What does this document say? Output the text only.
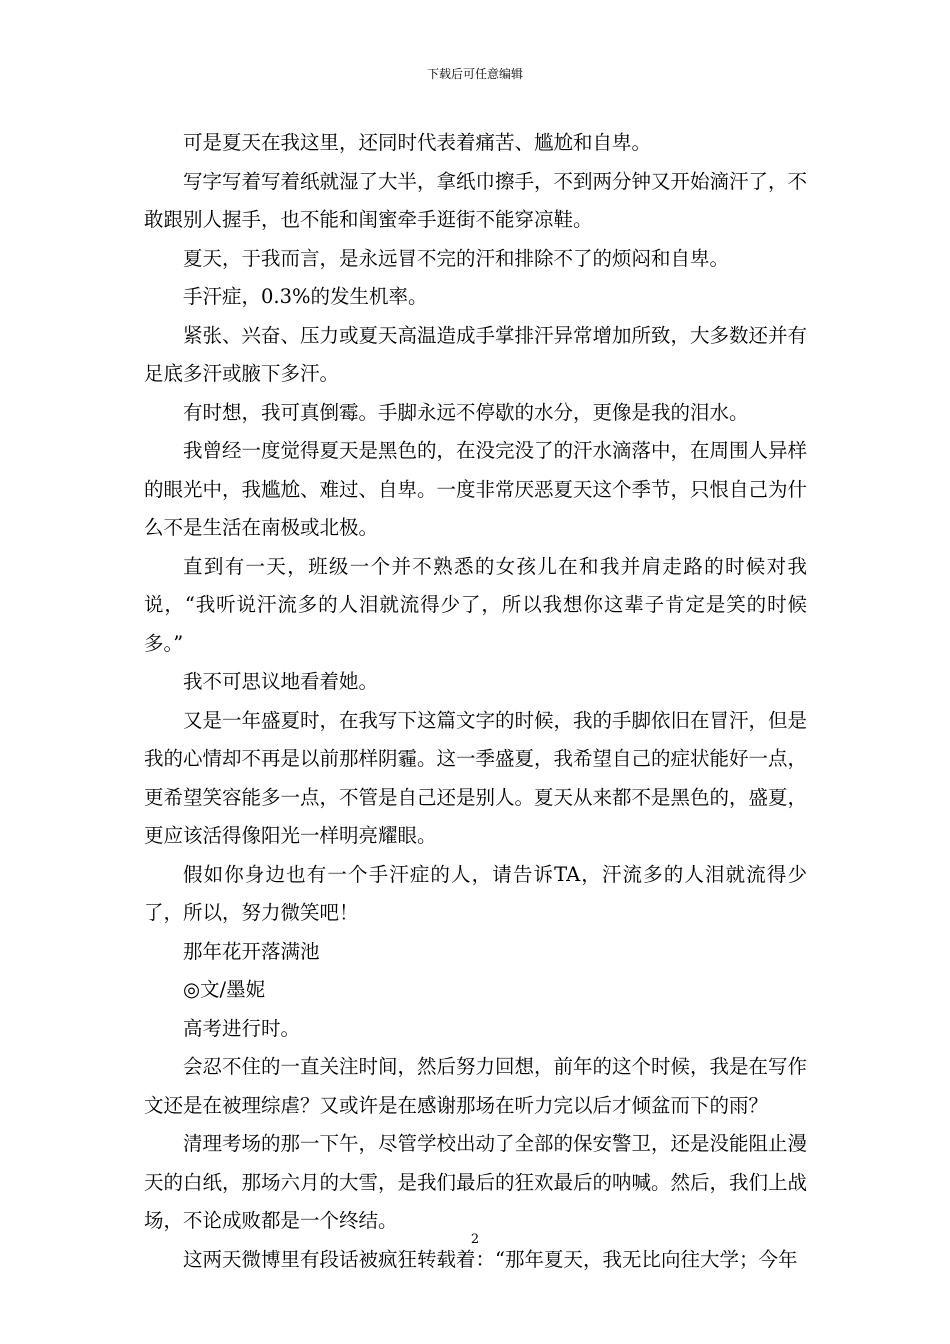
下载后可任意编辑

可是夏天在我这里，还同时代表着痛苦、尴尬和自卑。

写字写着写着纸就湿了大半，拿纸巾擦手，不到两分钟又开始滴汗了，不敢跟别人握手，也不能和闺蜜牵手逛街不能穿凉鞋。

夏天，于我而言，是永远冒不完的汗和排除不了的烦闷和自卑。

手汗症，0.3%的发生机率。

紧张、兴奋、压力或夏天高温造成手掌排汗异常增加所致，大多数还并有足底多汗或腋下多汗。

有时想，我可真倒霉。手脚永远不停歇的水分，更像是我的泪水。

我曾经一度觉得夏天是黑色的，在没完没了的汗水滴落中，在周围人异样的眼光中，我尴尬、难过、自卑。一度非常厌恶夏天这个季节，只恨自己为什么不是生活在南极或北极。

直到有一天，班级一个并不熟悉的女孩儿在和我并肩走路的时候对我说，“我听说汗流多的人泪就流得少了，所以我想你这辈子肯定是笑的时候多。”

我不可思议地看着她。

又是一年盛夏时，在我写下这篇文字的时候，我的手脚依旧在冒汗，但是我的心情却不再是以前那样阴霾。这一季盛夏，我希望自己的症状能好一点，更希望笑容能多一点，不管是自己还是别人。夏天从来都不是黑色的，盛夏，更应该活得像阳光一样明亮耀眼。

假如你身边也有一个手汗症的人，请告诉TA，汗流多的人泪就流得少了，所以，努力微笑吧！

那年花开落满池

◎文/墨妮

高考进行时。

会忍不住的一直关注时间，然后努力回想，前年的这个时候，我是在写作文还是在被理综虐？又或许是在感谢那场在听力完以后才倾盆而下的雨？

清理考场的那一下午，尽管学校出动了全部的保安警卫，还是没能阻止漫天的白纸，那场六月的大雪，是我们最后的狂欢最后的呐喊。然后，我们上战场，不论成败都是一个终结。

这两天微博里有段话被疯狂转载着：“那年夏天，我无比向往大学；今年

2
